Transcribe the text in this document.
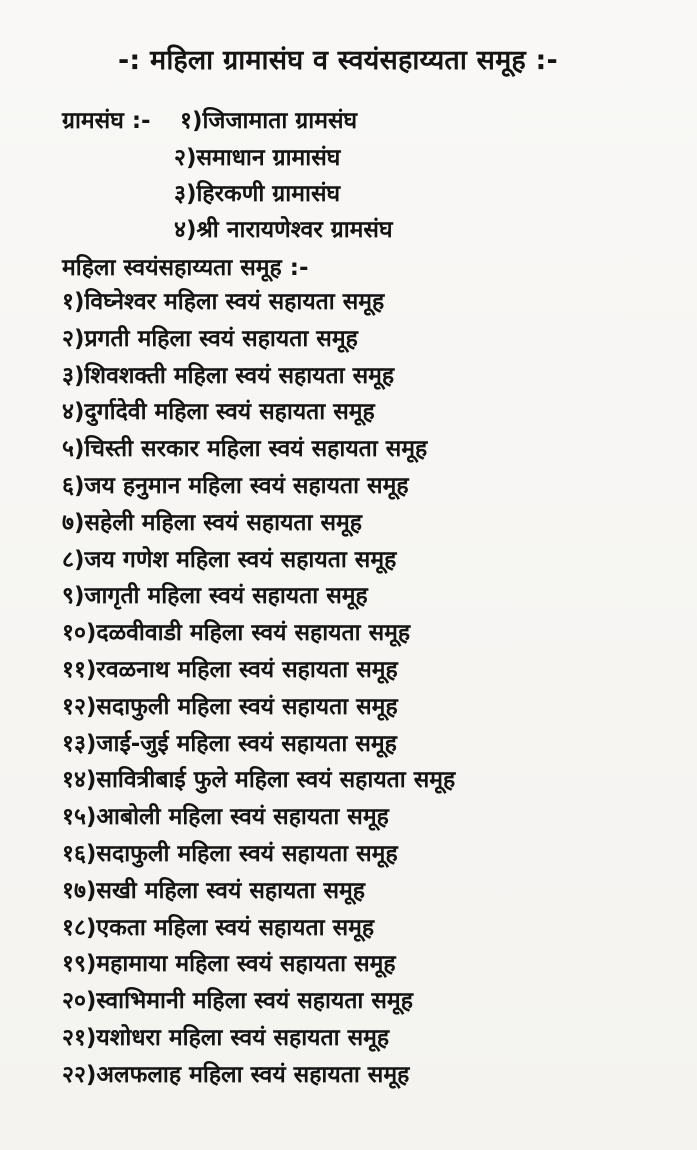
-: महिला ग्रामासंघ व स्वयंसहाय्यता समूह :-
ग्रामसंघ :- १)जिजामाता ग्रामसंघ
२)समाधान ग्रामासंघ
३)हिरकणी ग्रामासंघ
४)श्री नारायणेश्वर ग्रामसंघ
महिला स्वयंसहाय्यता समूह :-
१)विघ्नेश्वर महिला स्वयं सहायता समूह
२)प्रगती महिला स्वयं सहायता समूह
३)शिवशक्ती महिला स्वयं सहायता समूह
४)दुर्गादेवी महिला स्वयं सहायता समूह
५)चिस्ती सरकार महिला स्वयं सहायता समूह
६)जय हनुमान महिला स्वयं सहायता समूह
७)सहेली महिला स्वयं सहायता समूह
८)जय गणेश महिला स्वयं सहायता समूह
९)जागृती महिला स्वयं सहायता समूह
१०)दळवीवाडी महिला स्वयं सहायता समूह
११)रवळनाथ महिला स्वयं सहायता समूह
१२)सदाफुली महिला स्वयं सहायता समूह
१३)जाई-जुई महिला स्वयं सहायता समूह
१४)सावित्रीबाई फुले महिला स्वयं सहायता समूह
१५)आबोली महिला स्वयं सहायता समूह
१६)सदाफुली महिला स्वयं सहायता समूह
१७)सखी महिला स्वयं सहायता समूह
१८)एकता महिला स्वयं सहायता समूह
१९)महामाया महिला स्वयं सहायता समूह
२०)स्वाभिमानी महिला स्वयं सहायता समूह
२१)यशोधरा महिला स्वयं सहायता समूह
२२)अलफलाह महिला स्वयं सहायता समूह
